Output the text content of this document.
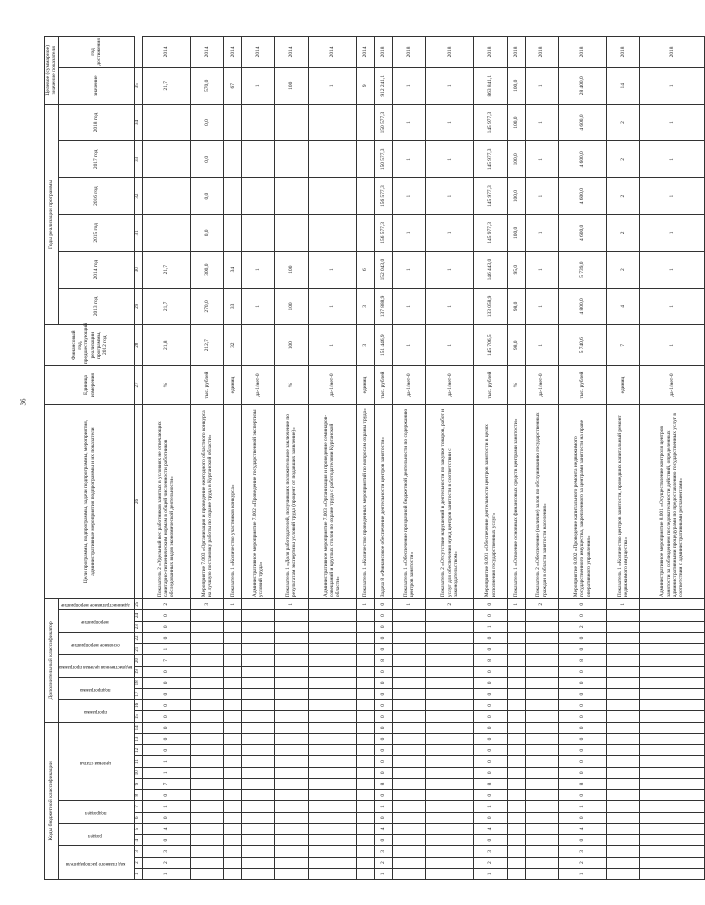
36
Коды бюджетной классификации														Дополнительный классификатор											Цели программы, подпрограммы, задачи подпрограммы, мероприятия, административные мероприятия подпрограммы и их показатели	Единица измерения	Финансовый год, предшествующий реализации программы, 2012 год	Годы реализации программы						Целевое (суммарное) значение показателя	
код главного распорядителя			раздел		подраздел		целевая статья							программа		подпрограмма		ведомственная целевая программа		основное мероприятие		мероприятие		административное мероприятие				2013 год	2014 год	2015 год	2016 год	2017 год	2018 год	значение	год достижения

1	2	3	4	5	6	7	8	9	10	11	12	13	14	15	16	17	18	19	20	21	22	23	24	25	26	27	28	29	30	31	32	33	34	35	
1	2	3	0	4	0	1	0	7	1	1	0	0	0	0	0	0	0	0	7	1	0	0	0	2	Показатель 2 «Удельный вес работников занятых в условиях не отвечающих санитарно-гигиеническим нормам в общей численности работников обследованных видов экономической деятельности»	%	21,8	21,7	21,7					21,7	2014
																								3	Мероприятие 7.003 «Организация и проведение ежегодного областного конкурса на лучшую постановку работы по охране труда в Курганской области»	тыс. рублей	212,7	270,0	300,0	0,0	0,0	0,0	0,0	570,0	2014
																								1	Показатель 1 «Количество участников конкурса»	единиц	32	33	34					67	2014
																									Административное мероприятие 7.002 «Проведение государственной экспертизы условий труда»	да-1/нет-0		1	1					1	2014
																								1	Показатель 1 «Доля работодателей, получивших положительное заключение по результатам экспертизы условий труда (процент от подавших заявление)»	%	100	100	100					100	2014
																									Административное мероприятие 7.003 «Организация и проведение семинаров-совещаний и круглых столов по охране труда с работодателями Курганской области»	да-1/нет-0	1	1	1					1	2014
																								1	Показатель 1 «Количество проведенных мероприятий по вопросам охраны труда»	единиц	3	3	6					9	2014
1	2	3	0	4	0	1	0	8	0	0	0	0	0	0	0	0	0	0	8	0	0	0	0	0	Задача 8 «Финансовое обеспечение деятельности центров занятости»	тыс. рублей	151 446,9	137 888,9	152 043,0	156 577,3	156 577,3	150 577,3	150 577,3	912 241,1	2018
																								1	Показатель 1 «Обеспечение прозрачной бюджетной деятельности по содержанию центров занятости»	да-1/нет-0	1	1	1	1	1	1	1	1	2018
																								2	Показатель 2 «Отсутствие нарушений в деятельности по закупке товаров, работ и услуг для обеспечения нужд центров занятости в соответствии с законодательством»	да-1/нет-0	1	1	1	1	1	1	1	1	2018
1	2	3	0	4	0	1	0	8	0	0	0	0	0	0	0	0	0	0	8	0	0	1	0	0	Мероприятие 8.001 «Обеспечение деятельности центров занятости в целях исполнения государственных услуг»	тыс. рублей	145 706,5	133 058,9	146 443,0	145 977,3	145 977,3	145 977,3	145 977,3	863 841,1	2018
																								1	Показатель 1 «Освоение основных финансовых средств центрами занятости»	%	98,0	98,0	95,0	100,0	100,0	100,0	100,0	100,0	2018
																								2	Показатель 2 «Обеспечение (наличие) залов по обслуживанию государственных граждан в области занятости населения»	да-1/нет-0	1	1	1	1	1	1	1	1	2018
1	2	3	0	4	0	1	0	8	0	0	0	0	0	0	0	0	0	0	8	0	0	2	0	0	Мероприятие 8.002 «Проведение капитального ремонта недвижимого государственного имущества, закрепленного за центрами занятости на праве оперативного управления»	тыс. рублей	5 740,6	4 800,0	5 739,0	4 600,0	4 600,0	4 600,0	4 600,0	28 400,0	2018
																								1	Показатель 1 «Количество центров занятости, проведших капитальный ремонт недвижимого имущества»	единиц	7	4	2	2	2	2	2	14	2018
																									Административное мероприятие 8.001 «Осуществление контроля центров занятости за соблюдением последовательности действий, определенных административными процедурами по предоставлению государственных услуг в соответствии с административными регламентами»	да-1/нет-0	1	1	1	1	1	1	1	1	2018
